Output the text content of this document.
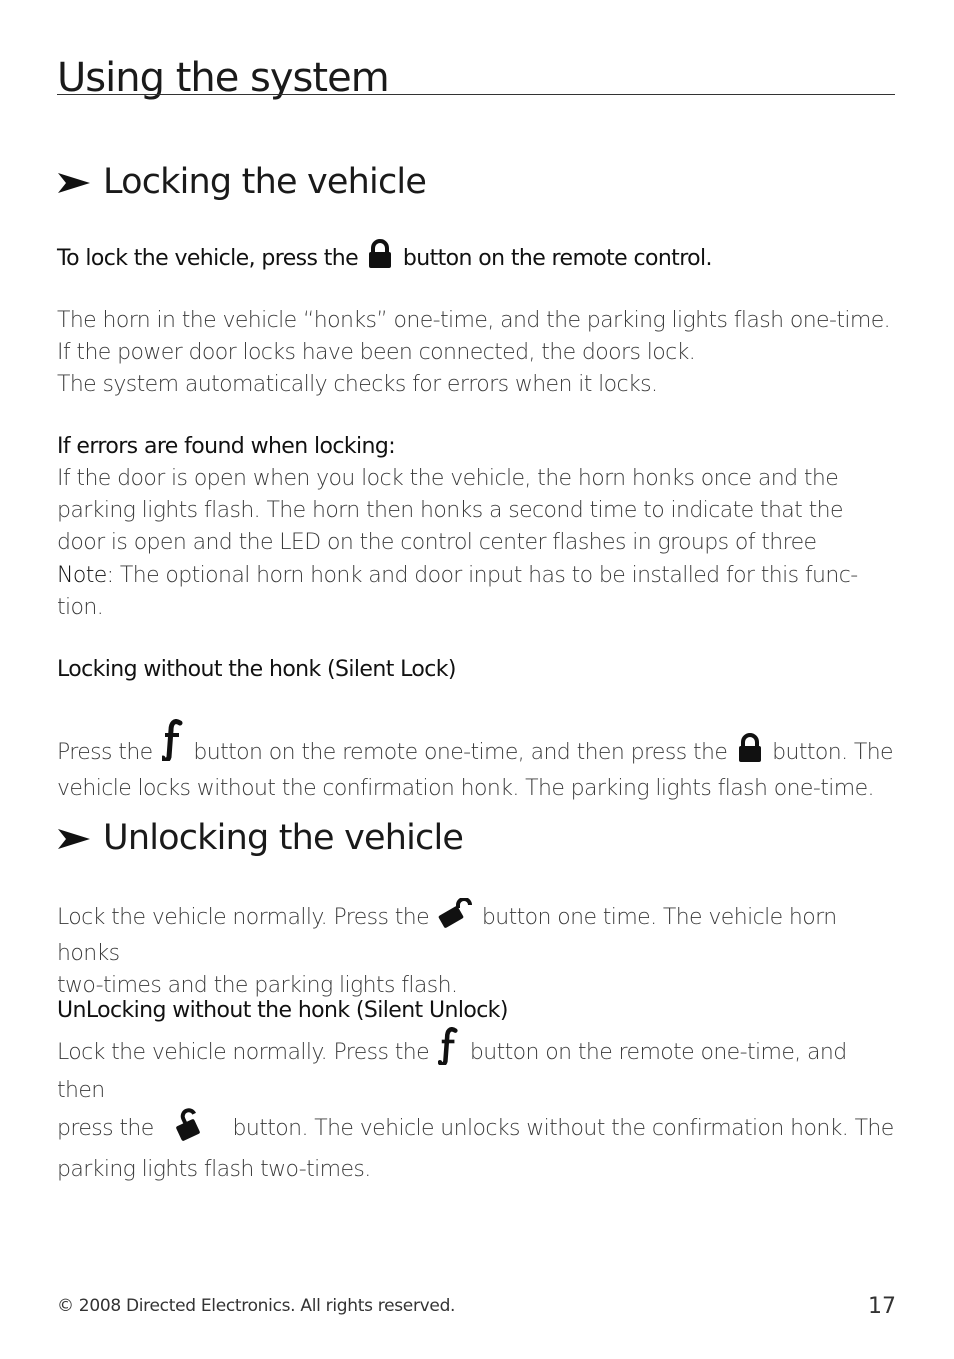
Using the system
Locking the vehicle
To lock the vehicle, press the button on the remote control.

The horn in the vehicle “honks” one-time, and the parking lights flash one-time.

If the power door locks have been connected, the doors lock.

The system automatically checks for errors when it locks.

If errors are found when locking:

If the door is open when you lock the vehicle, the horn honks once and the

parking lights flash. The horn then honks a second time to indicate that the

door is open and the LED on the control center flashes in groups of three

Note: The optional horn honk and door input has to be installed for this func-

tion.

Locking without the honk (Silent Lock)

Press the button on the remote one-time, and then press the button. The

vehicle locks without the confirmation honk. The parking lights flash one-time.

Unlocking the vehicle

Lock the vehicle normally. Press the button one time. The vehicle horn honks

two-times and the parking lights flash.

UnLocking without the honk (Silent Unlock)

Lock the vehicle normally. Press the button on the remote one-time, and then

press the	button. The vehicle unlocks without the confirmation honk. The

parking lights flash two-times.

© 2008 Directed Electronics. All rights reserved.	17
